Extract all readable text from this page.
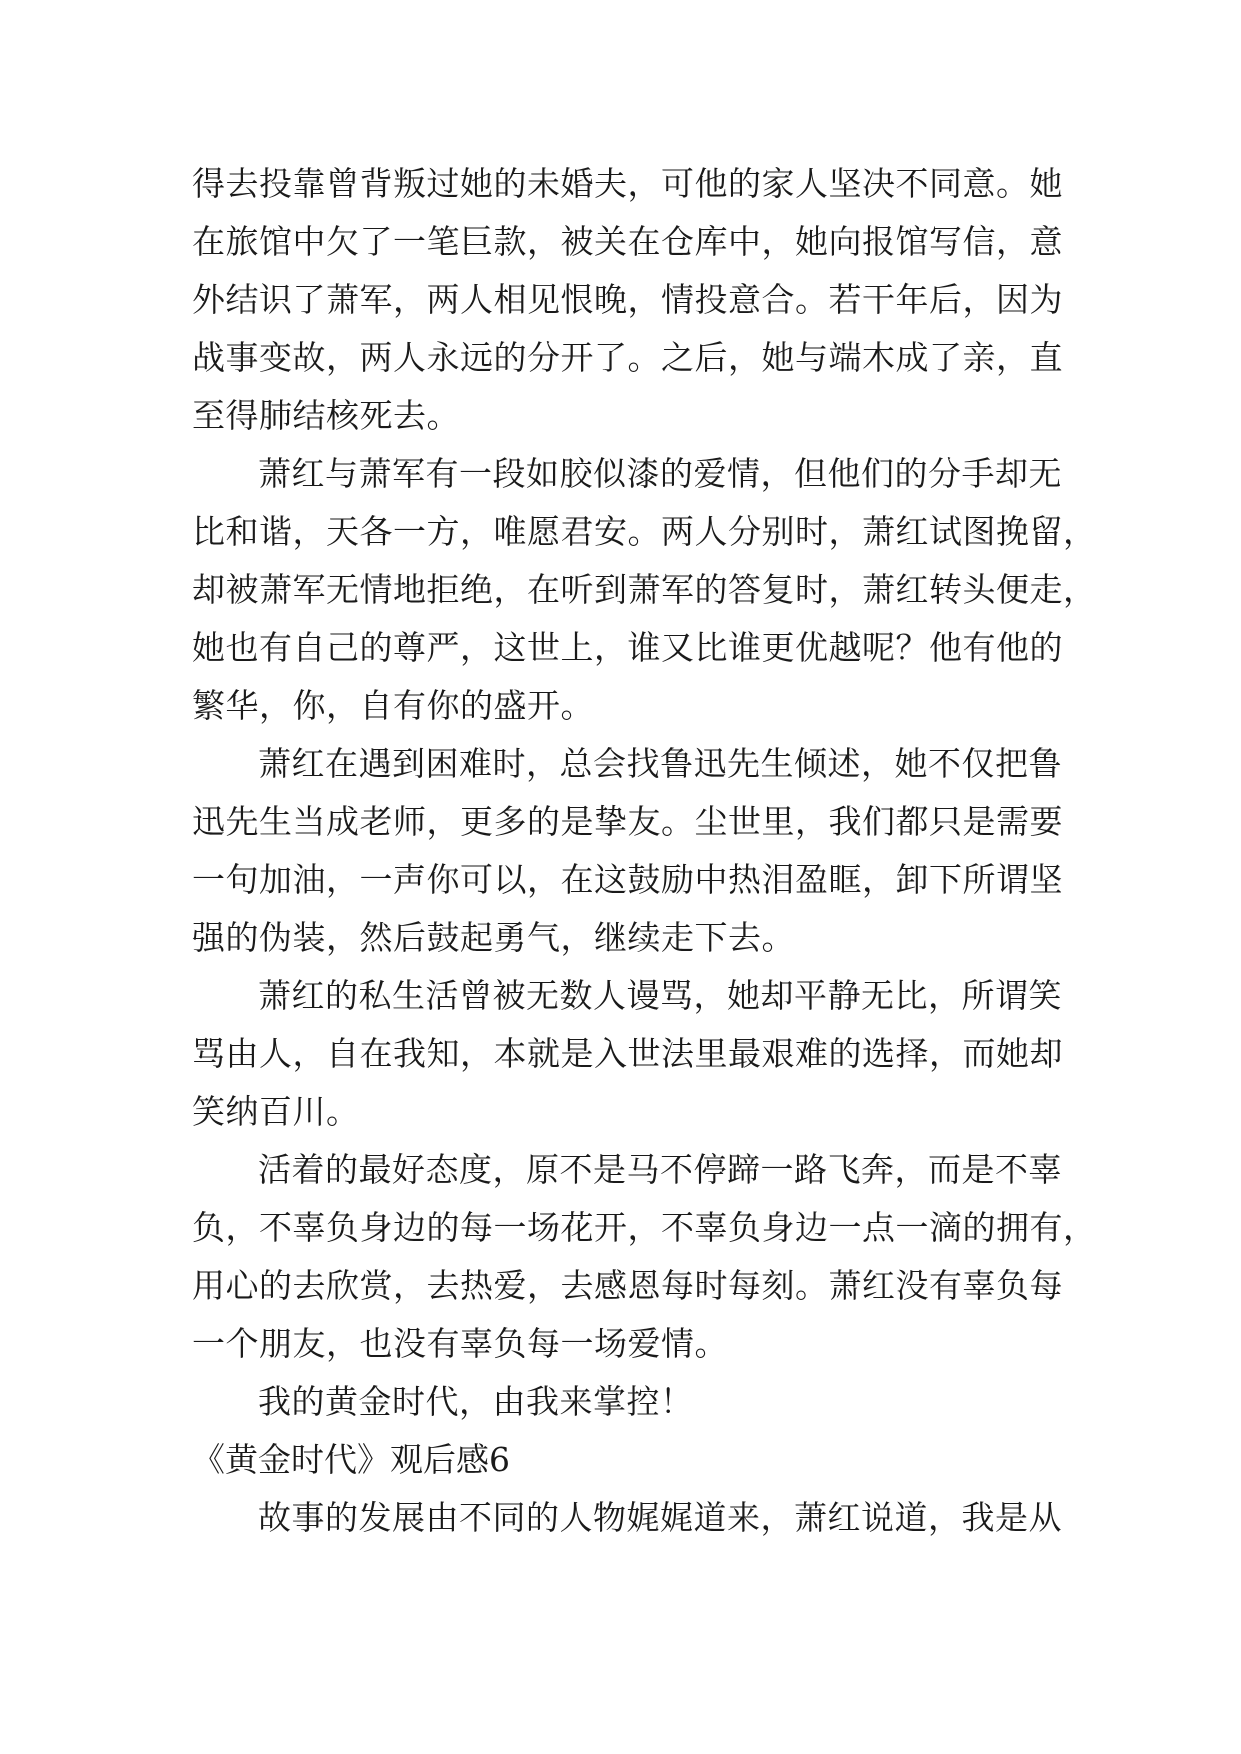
得去投靠曾背叛过她的未婚夫，可他的家人坚决不同意。她
在旅馆中欠了一笔巨款，被关在仓库中，她向报馆写信，意
外结识了萧军，两人相见恨晚，情投意合。若干年后，因为
战事变故，两人永远的分开了。之后，她与端木成了亲，直
至得肺结核死去。
萧红与萧军有一段如胶似漆的爱情，但他们的分手却无
比和谐，天各一方，唯愿君安。两人分别时，萧红试图挽留，
却被萧军无情地拒绝，在听到萧军的答复时，萧红转头便走，
她也有自己的尊严，这世上，谁又比谁更优越呢？他有他的
繁华，你，自有你的盛开。
萧红在遇到困难时，总会找鲁迅先生倾述，她不仅把鲁
迅先生当成老师，更多的是挚友。尘世里，我们都只是需要
一句加油，一声你可以，在这鼓励中热泪盈眶，卸下所谓坚
强的伪装，然后鼓起勇气，继续走下去。
萧红的私生活曾被无数人谩骂，她却平静无比，所谓笑
骂由人，自在我知，本就是入世法里最艰难的选择，而她却
笑纳百川。
活着的最好态度，原不是马不停蹄一路飞奔，而是不辜
负，不辜负身边的每一场花开，不辜负身边一点一滴的拥有，
用心的去欣赏，去热爱，去感恩每时每刻。萧红没有辜负每
一个朋友，也没有辜负每一场爱情。
我的黄金时代，由我来掌控！
《黄金时代》观后感6
故事的发展由不同的人物娓娓道来，萧红说道，我是从
